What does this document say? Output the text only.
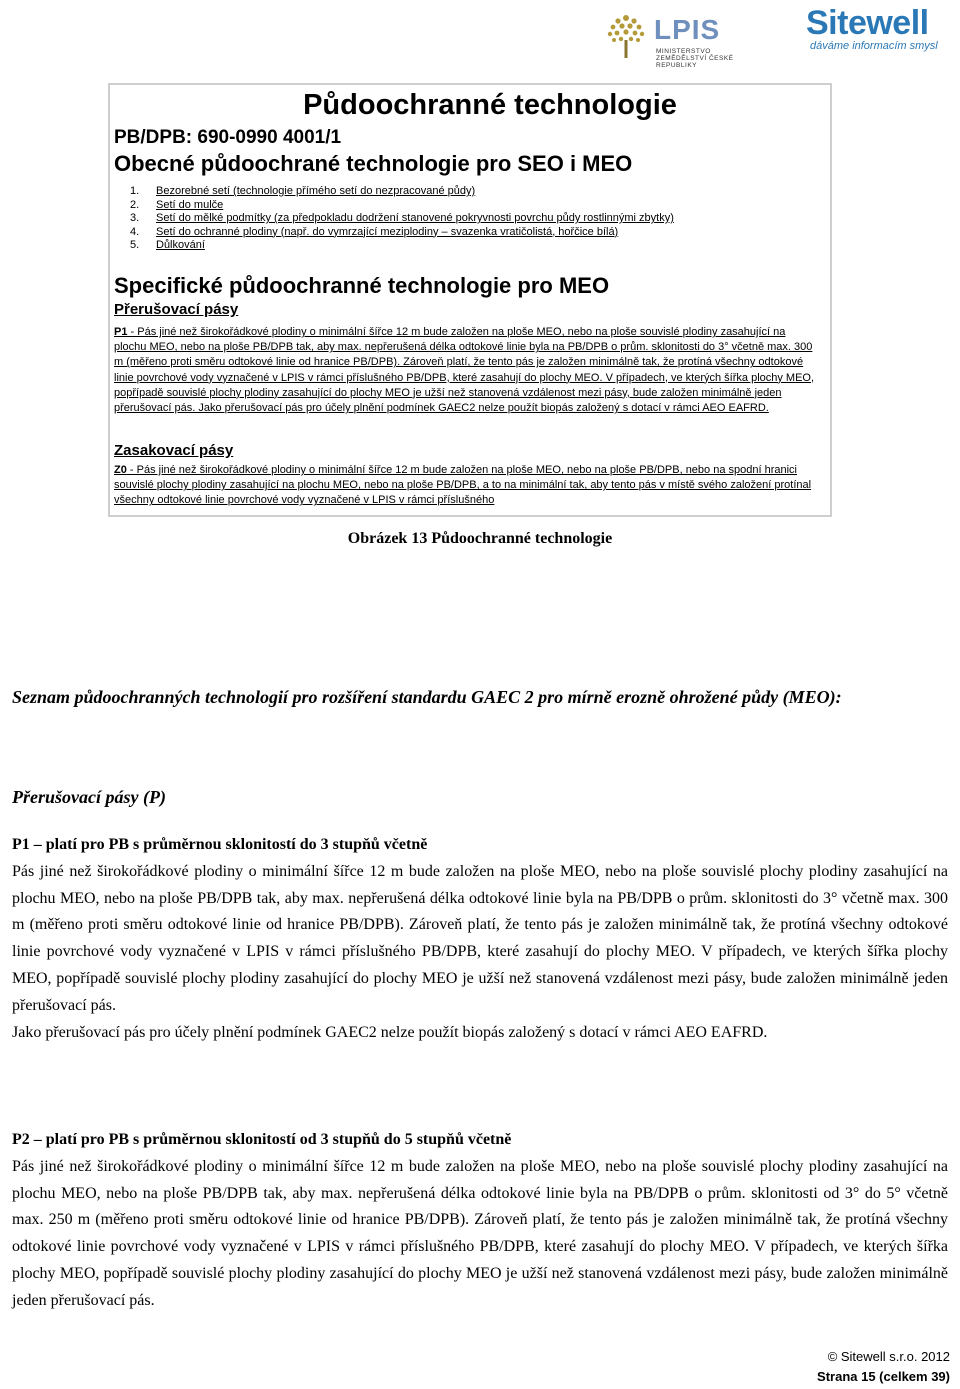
LPIS
MINISTERSTVO ZEMĚDĚLSTVÍ ČESKÉ REPUBLIKY
Sitewell
dáváme informacím smysl
Půdoochranné technologie
PB/DPB: 690-0990 4001/1
Obecné půdoochrané technologie pro SEO i MEO
1.	Bezorebné setí (technologie přímého setí do nezpracované půdy)
2.	Setí do mulče
3.	Setí do mělké podmítky (za předpokladu dodržení stanovené pokryvnosti povrchu půdy rostlinnými zbytky)
4.	Setí do ochranné plodiny (např. do vymrzající meziplodiny – svazenka vratičolistá, hořčice bílá)
5.	Důlkování
Specifické půdoochranné technologie pro MEO
Přerušovací pásy
P1 - Pás jiné než širokořádkové plodiny o minimální šířce 12 m bude založen na ploše MEO, nebo na ploše souvislé plodiny zasahující na plochu MEO, nebo na ploše PB/DPB tak, aby max. nepřerušená délka odtokové linie byla na PB/DPB o prům. sklonitosti do 3° včetně max. 300 m (měřeno proti směru odtokové linie od hranice PB/DPB). Zároveň platí, že tento pás je založen minimálně tak, že protíná všechny odtokové linie povrchové vody vyznačené v LPIS v rámci příslušného PB/DPB, které zasahují do plochy MEO. V případech, ve kterých šířka plochy MEO, popřípadě souvislé plochy plodiny zasahující do plochy MEO je užší než stanovená vzdálenost mezi pásy, bude založen minimálně jeden přerušovací pás. Jako přerušovací pás pro účely plnění podmínek GAEC2 nelze použít biopás založený s dotací v rámci AEO EAFRD.
Zasakovací pásy
Z0 - Pás jiné než širokořádkové plodiny o minimální šířce 12 m bude založen na ploše MEO, nebo na ploše PB/DPB, nebo na spodní hranici souvislé plochy plodiny zasahující na plochu MEO, nebo na ploše PB/DPB, a to na minimální tak, aby tento pás v místě svého založení protínal všechny odtokové linie povrchové vody vyznačené v LPIS v rámci příslušného
Obrázek 13 Půdoochranné technologie
Seznam půdoochranných technologií pro rozšíření standardu GAEC 2 pro mírně erozně ohrožené půdy (MEO):
Přerušovací pásy (P)
P1 – platí pro PB s průměrnou sklonitostí do 3 stupňů včetně
Pás jiné než širokořádkové plodiny o minimální šířce 12 m bude založen na ploše MEO, nebo na ploše souvislé plochy plodiny zasahující na plochu MEO, nebo na ploše PB/DPB tak, aby max. nepřerušená délka odtokové linie byla na PB/DPB o prům. sklonitosti do 3° včetně max. 300 m (měřeno proti směru odtokové linie od hranice PB/DPB). Zároveň platí, že tento pás je založen minimálně tak, že protíná všechny odtokové linie povrchové vody vyznačené v LPIS v rámci příslušného PB/DPB, které zasahují do plochy MEO. V případech, ve kterých šířka plochy MEO, popřípadě souvislé plochy plodiny zasahující do plochy MEO je užší než stanovená vzdálenost mezi pásy, bude založen minimálně jeden přerušovací pás.
Jako přerušovací pás pro účely plnění podmínek GAEC2 nelze použít biopás založený s dotací v rámci AEO EAFRD.
P2 – platí pro PB s průměrnou sklonitostí od 3 stupňů do 5 stupňů včetně
Pás jiné než širokořádkové plodiny o minimální šířce 12 m bude založen na ploše MEO, nebo na ploše souvislé plochy plodiny zasahující na plochu MEO, nebo na ploše PB/DPB tak, aby max. nepřerušená délka odtokové linie byla na PB/DPB o prům. sklonitosti od 3° do 5° včetně max. 250 m (měřeno proti směru odtokové linie od hranice PB/DPB). Zároveň platí, že tento pás je založen minimálně tak, že protíná všechny odtokové linie povrchové vody vyznačené v LPIS v rámci příslušného PB/DPB, které zasahují do plochy MEO. V případech, ve kterých šířka plochy MEO, popřípadě souvislé plochy plodiny zasahující do plochy MEO je užší než stanovená vzdálenost mezi pásy, bude založen minimálně jeden přerušovací pás.
© Sitewell s.r.o. 2012
Strana 15 (celkem 39)
